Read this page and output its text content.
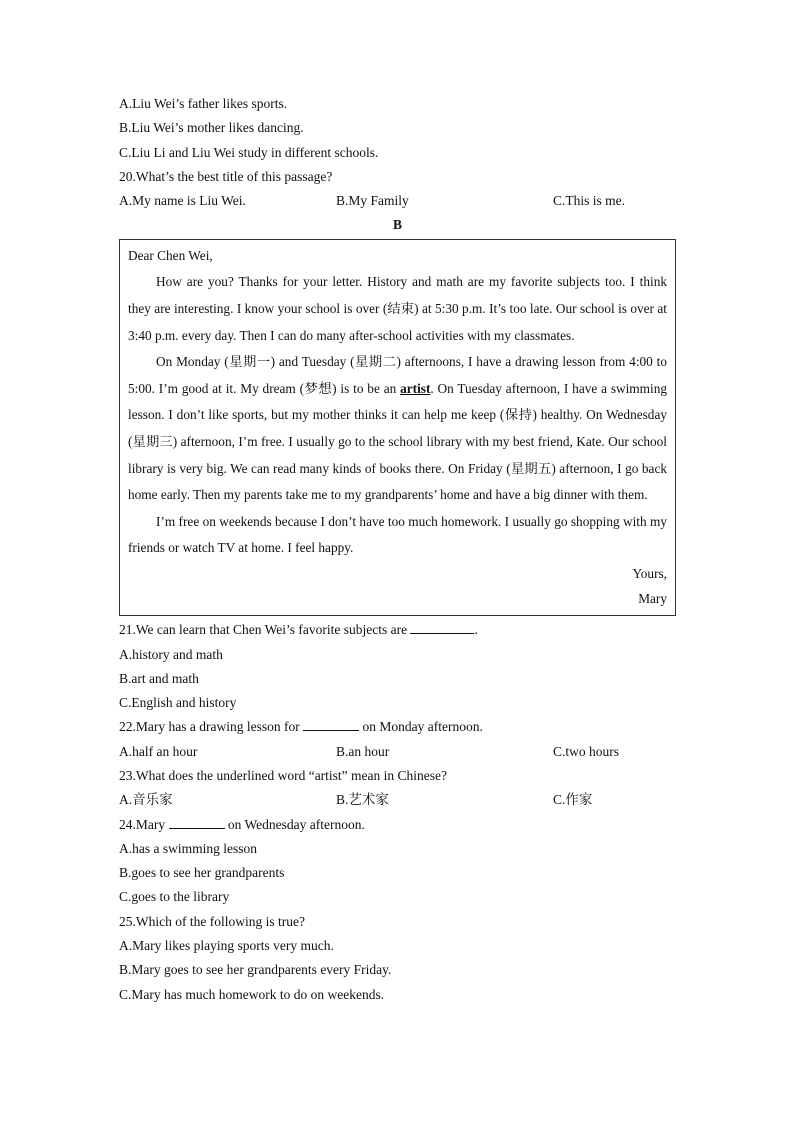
A.Liu Wei’s father likes sports.
B.Liu Wei’s mother likes dancing.
C.Liu Li and Liu Wei study in different schools.
20.What’s the best title of this passage?
A.My name is Liu Wei.	B.My Family	C.This is me.
B

Dear Chen Wei,

How are you? Thanks for your letter. History and math are my favorite subjects too. I think they are interesting. I know your school is over (结束) at 5:30 p.m. It’s too late. Our school is over at 3:40 p.m. every day. Then I can do many after-school activities with my classmates.

On Monday (星期一) and Tuesday (星期二) afternoons, I have a drawing lesson from 4:00 to 5:00. I’m good at it. My dream (梦想) is to be an artist. On Tuesday afternoon, I have a swimming lesson. I don’t like sports, but my mother thinks it can help me keep (保持) healthy. On Wednesday (星期三) afternoon, I’m free. I usually go to the school library with my best friend, Kate. Our school library is very big. We can read many kinds of books there. On Friday (星期五) afternoon, I go back home early. Then my parents take me to my grandparents’ home and have a big dinner with them.

I’m free on weekends because I don’t have too much homework. I usually go shopping with my friends or watch TV at home. I feel happy.

Yours,

Mary

21.We can learn that Chen Wei’s favorite subjects are	.
A.history and math
B.art and math
C.English and history
22.Mary has a drawing lesson for	on Monday afternoon.
A.half an hour	B.an hour	C.two hours
23.What does the underlined word “artist” mean in Chinese?
A.音乐家	B.艺术家	C.作家
24.Mary	on Wednesday afternoon.
A.has a swimming lesson
B.goes to see her grandparents
C.goes to the library
25.Which of the following is true?
A.Mary likes playing sports very much.
B.Mary goes to see her grandparents every Friday.
C.Mary has much homework to do on weekends.
